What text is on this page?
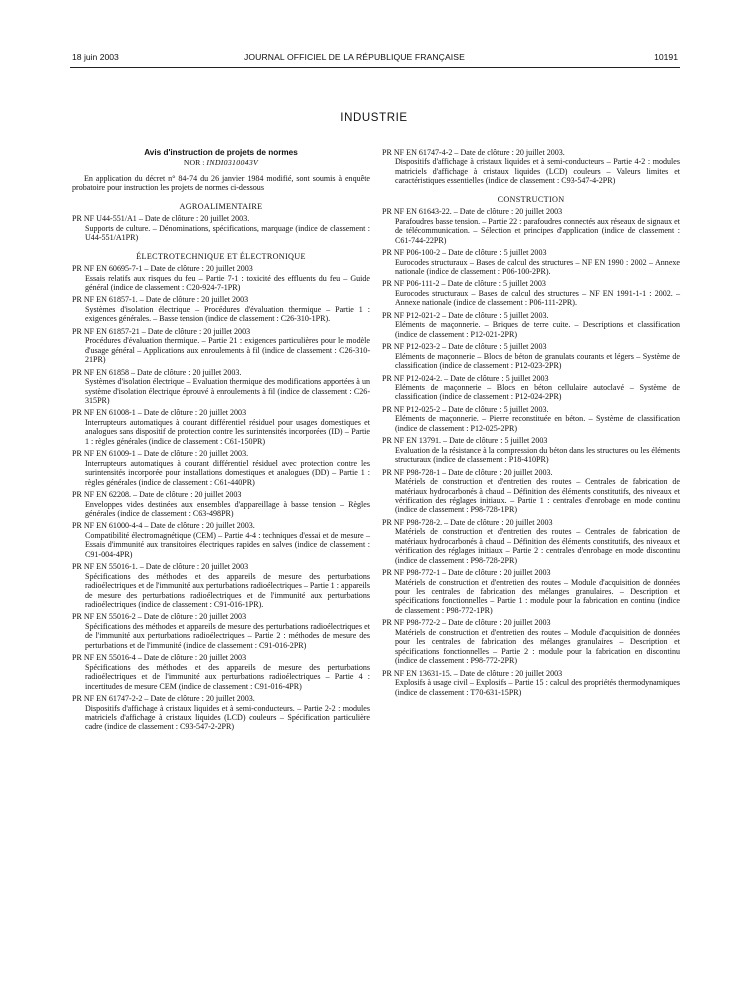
18 juin 2003	JOURNAL OFFICIEL DE LA RÉPUBLIQUE FRANÇAISE	10191
INDUSTRIE
Avis d'instruction de projets de normes
NOR : INDI0310043V
En application du décret n° 84-74 du 26 janvier 1984 modifié, sont soumis à enquête probatoire pour instruction les projets de normes ci-dessous
AGROALIMENTAIRE
PR NF U44-551/A1 – Date de clôture : 20 juillet 2003.
Supports de culture. – Dénominations, spécifications, marquage (indice de classement : U44-551/A1PR)
ÉLECTROTECHNIQUE ET ÉLECTRONIQUE
PR NF EN 60695-7-1 – Date de clôture : 20 juillet 2003
Essais relatifs aux risques du feu – Partie 7-1 : toxicité des effluents du feu – Guide général (indice de classement : C20-924-7-1PR)
PR NF EN 61857-1. – Date de clôture : 20 juillet 2003
Systèmes d'isolation électrique – Procédures d'évaluation thermique – Partie 1 : exigences générales. – Basse tension (indice de classement : C26-310-1PR).
PR NF EN 61857-21 – Date de clôture : 20 juillet 2003
Procédures d'évaluation thermique. – Partie 21 : exigences particulières pour le modèle d'usage général – Applications aux enroulements à fil (indice de classement : C26-310-21PR)
PR NF EN 61858 – Date de clôture : 20 juillet 2003.
Systèmes d'isolation électrique – Evaluation thermique des modifications apportées à un système d'isolation électrique éprouvé à enroulements à fil (indice de classement : C26-315PR)
PR NF EN 61008-1 – Date de clôture : 20 juillet 2003
Interrupteurs automatiques à courant différentiel résiduel pour usages domestiques et analogues sans dispositif de protection contre les surintensités incorporées (ID) – Partie 1 : règles générales (indice de classement : C61-150PR)
PR NF EN 61009-1 – Date de clôture : 20 juillet 2003.
Interrupteurs automatiques à courant différentiel résiduel avec protection contre les surintensités incorporée pour installations domestiques et analogues (DD) – Partie 1 : règles générales (indice de classement : C61-440PR)
PR NF EN 62208. – Date de clôture : 20 juillet 2003
Enveloppes vides destinées aux ensembles d'appareillage à basse tension – Règles générales (indice de classement : C63-498PR)
PR NF EN 61000-4-4 – Date de clôture : 20 juillet 2003.
Compatibilité électromagnétique (CEM) – Partie 4-4 : techniques d'essai et de mesure – Essais d'immunité aux transitoires électriques rapides en salves (indice de classement : C91-004-4PR)
PR NF EN 55016-1. – Date de clôture : 20 juillet 2003
Spécifications des méthodes et des appareils de mesure des perturbations radioélectriques et de l'immunité aux perturbations radioélectriques – Partie 1 : appareils de mesure des perturbations radioélectriques et de l'immunité aux perturbations radioélectriques (indice de classement : C91-016-1PR).
PR NF EN 55016-2 – Date de clôture : 20 juillet 2003
Spécifications des méthodes et appareils de mesure des perturbations radioélectriques et de l'immunité aux perturbations radioélectriques – Partie 2 : méthodes de mesure des perturbations et de l'immunité (indice de classement : C91-016-2PR)
PR NF EN 55016-4 – Date de clôture : 20 juillet 2003
Spécifications des méthodes et des appareils de mesure des perturbations radioélectriques et de l'immunité aux perturbations radioélectriques – Partie 4 : incertitudes de mesure CEM (indice de classement : C91-016-4PR)
PR NF EN 61747-2-2 – Date de clôture : 20 juillet 2003.
Dispositifs d'affichage à cristaux liquides et à semi-conducteurs. – Partie 2-2 : modules matriciels d'affichage à cristaux liquides (LCD) couleurs – Spécification particulière cadre (indice de classement : C93-547-2-2PR)
PR NF EN 61747-4-2 – Date de clôture : 20 juillet 2003.
Dispositifs d'affichage à cristaux liquides et à semi-conducteurs – Partie 4-2 : modules matriciels d'affichage à cristaux liquides (LCD) couleurs – Valeurs limites et caractéristiques essentielles (indice de classement : C93-547-4-2PR)
CONSTRUCTION
PR NF EN 61643-22. – Date de clôture : 20 juillet 2003
Parafoudres basse tension. – Partie 22 : parafoudres connectés aux réseaux de signaux et de télécommunication. – Sélection et principes d'application (indice de classement : C61-744-22PR)
PR NF P06-100-2 – Date de clôture : 5 juillet 2003
Eurocodes structuraux – Bases de calcul des structures – NF EN 1990 : 2002 – Annexe nationale (indice de classement : P06-100-2PR).
PR NF P06-111-2 – Date de clôture : 5 juillet 2003
Eurocodes structuraux – Bases de calcul des structures – NF EN 1991-1-1 : 2002. – Annexe nationale (indice de classement : P06-111-2PR).
PR NF P12-021-2 – Date de clôture : 5 juillet 2003.
Eléments de maçonnerie. – Briques de terre cuite. – Descriptions et classification (indice de classement : P12-021-2PR)
PR NF P12-023-2 – Date de clôture : 5 juillet 2003
Eléments de maçonnerie – Blocs de béton de granulats courants et légers – Système de classification (indice de classement : P12-023-2PR)
PR NF P12-024-2. – Date de clôture : 5 juillet 2003
Eléments de maçonnerie – Blocs en béton cellulaire autoclavé – Système de classification (indice de classement : P12-024-2PR)
PR NF P12-025-2 – Date de clôture : 5 juillet 2003.
Eléments de maçonnerie. – Pierre reconstituée en béton. – Système de classification (indice de classement : P12-025-2PR)
PR NF EN 13791. – Date de clôture : 5 juillet 2003
Evaluation de la résistance à la compression du béton dans les structures ou les éléments structuraux (indice de classement : P18-410PR)
PR NF P98-728-1 – Date de clôture : 20 juillet 2003.
Matériels de construction et d'entretien des routes – Centrales de fabrication de matériaux hydrocarbonés à chaud – Définition des éléments constitutifs, des niveaux et vérification des réglages initiaux. – Partie 1 : centrales d'enrobage en mode continu (indice de classement : P98-728-1PR)
PR NF P98-728-2. – Date de clôture : 20 juillet 2003
Matériels de construction et d'entretien des routes – Centrales de fabrication de matériaux hydrocarbonés à chaud – Définition des éléments constitutifs, des niveaux et vérification des réglages initiaux – Partie 2 : centrales d'enrobage en mode discontinu (indice de classement : P98-728-2PR)
PR NF P98-772-1 – Date de clôture : 20 juillet 2003
Matériels de construction et d'entretien des routes – Module d'acquisition de données pour les centrales de fabrication des mélanges granulaires. – Description et spécifications fonctionnelles – Partie 1 : module pour la fabrication en continu (indice de classement : P98-772-1PR)
PR NF P98-772-2 – Date de clôture : 20 juillet 2003
Matériels de construction et d'entretien des routes – Module d'acquisition de données pour les centrales de fabrication des mélanges granulaires – Description et spécifications fonctionnelles – Partie 2 : module pour la fabrication en discontinu (indice de classement : P98-772-2PR)
PR NF EN 13631-15. – Date de clôture : 20 juillet 2003
Explosifs à usage civil – Explosifs – Partie 15 : calcul des propriétés thermodynamiques (indice de classement : T70-631-15PR)
